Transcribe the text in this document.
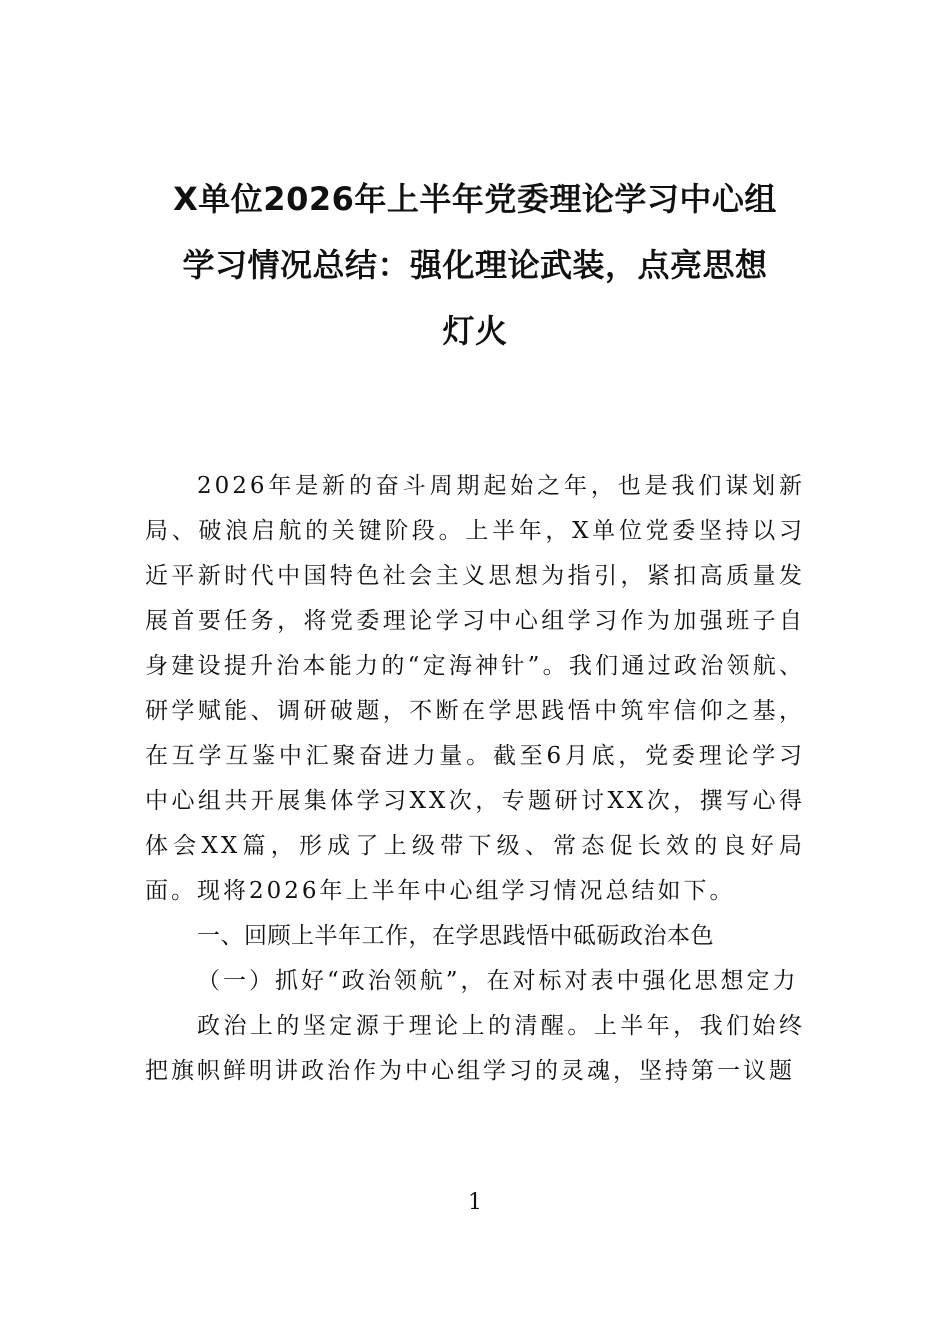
X单位2026年上半年党委理论学习中心组
学习情况总结：强化理论武装，点亮思想
灯火

2026年是新的奋斗周期起始之年，也是我们谋划新局、破浪启航的关键阶段。上半年，X单位党委坚持以习近平新时代中国特色社会主义思想为指引，紧扣高质量发展首要任务，将党委理论学习中心组学习作为加强班子自身建设提升治本能力的“定海神针”。我们通过政治领航、研学赋能、调研破题，不断在学思践悟中筑牢信仰之基，在互学互鉴中汇聚奋进力量。截至6月底，党委理论学习中心组共开展集体学习XX次，专题研讨XX次，撰写心得体会XX篇，形成了上级带下级、常态促长效的良好局面。现将2026年上半年中心组学习情况总结如下。

一、回顾上半年工作，在学思践悟中砥砺政治本色

（一）抓好“政治领航”，在对标对表中强化思想定力

政治上的坚定源于理论上的清醒。上半年，我们始终把旗帜鲜明讲政治作为中心组学习的灵魂，坚持第一议题

1
